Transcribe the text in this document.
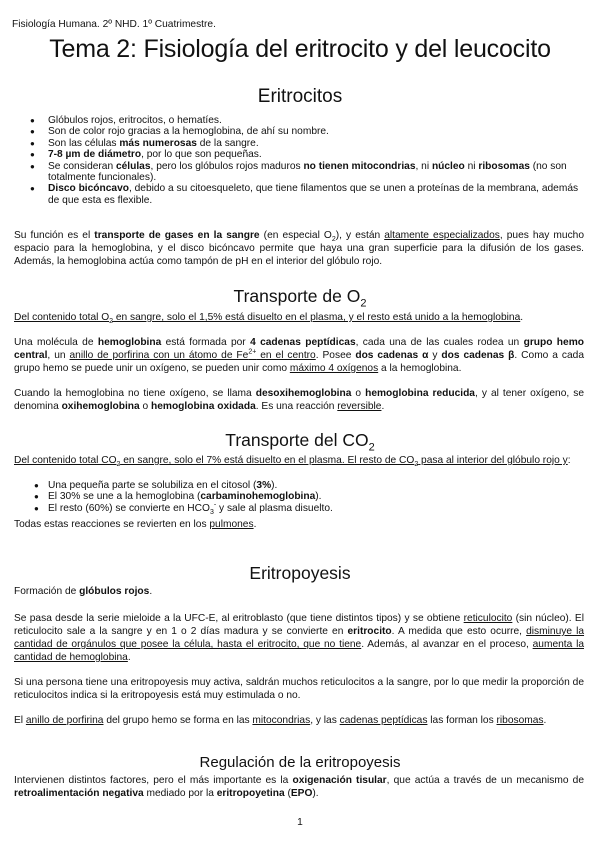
Fisiología Humana. 2º NHD. 1º Cuatrimestre.
Tema 2: Fisiología del eritrocito y del leucocito
Eritrocitos
● Glóbulos rojos, eritrocitos, o hematíes.
● Son de color rojo gracias a la hemoglobina, de ahí su nombre.
● Son las células más numerosas de la sangre.
● 7-8 µm de diámetro, por lo que son pequeñas.
● Se consideran células, pero los glóbulos rojos maduros no tienen mitocondrias, ni núcleo ni ribosomas (no son totalmente funcionales).
● Disco bicóncavo, debido a su citoesqueleto, que tiene filamentos que se unen a proteínas de la membrana, además de que esta es flexible.
Su función es el transporte de gases en la sangre (en especial $O_2$), y están altamente especializados, pues hay mucho espacio para la hemoglobina, y el disco bicóncavo permite que haya una gran superficie para la difusión de los gases. Además, la hemoglobina actúa como tampón de pH en el interior del glóbulo rojo.
Transporte de $O_2$
Del contenido total $O_2$ en sangre, solo el 1,5% está disuelto en el plasma, y el resto está unido a la hemoglobina.
Una molécula de hemoglobina está formada por 4 cadenas peptídicas, cada una de las cuales rodea un grupo hemo central, un anillo de porfirina con un átomo de $Fe^{2+}$ en el centro. Posee dos cadenas α y dos cadenas β. Como a cada grupo hemo se puede unir un oxígeno, se pueden unir como máximo 4 oxígenos a la hemoglobina.
Cuando la hemoglobina no tiene oxígeno, se llama desoxihemoglobina o hemoglobina reducida, y al tener oxígeno, se denomina oxihemoglobina o hemoglobina oxidada. Es una reacción reversible.
Transporte del $CO_2$
Del contenido total $CO_2$ en sangre, solo el 7% está disuelto en el plasma. El resto de $CO_2$ pasa al interior del glóbulo rojo y:
● Una pequeña parte se solubiliza en el citosol (3%).
● El 30% se une a la hemoglobina (carbaminohemoglobina).
● El resto (60%) se convierte en $HCO_3^-$ y sale al plasma disuelto.
Todas estas reacciones se revierten en los pulmones.
Eritropoyesis
Formación de glóbulos rojos.
Se pasa desde la serie mieloide a la UFC-E, al eritroblasto (que tiene distintos tipos) y se obtiene reticulocito (sin núcleo). El reticulocito sale a la sangre y en 1 o 2 días madura y se convierte en eritrocito. A medida que esto ocurre, disminuye la cantidad de orgánulos que posee la célula, hasta el eritrocito, que no tiene. Además, al avanzar en el proceso, aumenta la cantidad de hemoglobina.
Si una persona tiene una eritropoyesis muy activa, saldrán muchos reticulocitos a la sangre, por lo que medir la proporción de reticulocitos indica si la eritropoyesis está muy estimulada o no.
El anillo de porfirina del grupo hemo se forma en las mitocondrias, y las cadenas peptídicas las forman los ribosomas.
Regulación de la eritropoyesis
Intervienen distintos factores, pero el más importante es la oxigenación tisular, que actúa a través de un mecanismo de retroalimentación negativa mediado por la eritropoyetina (EPO).
1
